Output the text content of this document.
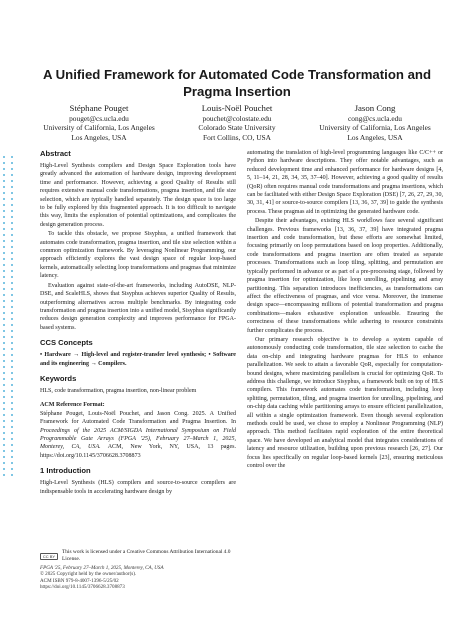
A Unified Framework for Automated Code Transformation and Pragma Insertion
Stéphane Pouget
pouget@cs.ucla.edu
University of California, Los Angeles
Los Angeles, USA
Louis-Noël Pouchet
pouchet@colostate.edu
Colorado State University
Fort Collins, CO, USA
Jason Cong
cong@cs.ucla.edu
University of California, Los Angeles
Los Angeles, USA
Abstract

High-Level Synthesis compilers and Design Space Exploration tools have greatly advanced the automation of hardware design, improving development time and performance. However, achieving a good Quality of Results still requires extensive manual code transformations, pragma insertion, and tile size selection, which are typically handled separately. The design space is too large to be fully explored by this fragmented approach. It is too difficult to navigate this way, limits the exploration of potential optimizations, and complicates the design generation process.

To tackle this obstacle, we propose Sisyphus, a unified framework that automates code transformation, pragma insertion, and tile size selection within a common optimization framework. By leveraging Nonlinear Programming, our approach efficiently explores the vast design space of regular loop-based kernels, automatically selecting loop transformations and pragmas that minimize latency.

Evaluation against state-of-the-art frameworks, including AutoDSE, NLP-DSE, and ScaleHLS, shows that Sisyphus achieves superior Quality of Results, outperforming alternatives across multiple benchmarks. By integrating code transformation and pragma insertion into a unified model, Sisyphus significantly reduces design generation complexity and improves performance for FPGA-based systems.

CCS Concepts

• Hardware → High-level and register-transfer level synthesis; • Software and its engineering → Compilers.

Keywords

HLS, code transformation, pragma insertion, non-linear problem

ACM Reference Format:

Stéphane Pouget, Louis-Noël Pouchet, and Jason Cong. 2025. A Unified Framework for Automated Code Transformation and Pragma Insertion. In Proceedings of the 2025 ACM/SIGDA International Symposium on Field Programmable Gate Arrays (FPGA '25), February 27–March 1, 2025, Monterey, CA, USA. ACM, New York, NY, USA, 13 pages. https://doi.org/10.1145/3706628.3708873

1 Introduction

High-Level Synthesis (HLS) compilers and source-to-source compilers are indispensable tools in accelerating hardware design by

CC BY
This work is licensed under a Creative Commons Attribution International 4.0 License.
FPGA '25, February 27–March 1, 2025, Monterey, CA, USA
© 2025 Copyright held by the owner/author(s).
ACM ISBN 979-8-4007-1396-5/25/02
https://doi.org/10.1145/3706628.3708873

automating the translation of high-level programming languages like C/C++ or Python into hardware descriptions. They offer notable advantages, such as reduced development time and enhanced performance for hardware designs [4, 5, 11–14, 21, 28, 34, 35, 37–40]. However, achieving a good quality of results (QoR) often requires manual code transformations and pragma insertions, which can be facilitated with either Design Space Exploration (DSE) [7, 26, 27, 29, 30, 30, 31, 41] or source-to-source compilers [13, 36, 37, 39] to guide the synthesis process. These pragmas aid in optimizing the generated hardware code.

Despite their advantages, existing HLS workflows face several significant challenges. Previous frameworks [13, 36, 37, 39] have integrated pragma insertion and code transformation, but these efforts are somewhat limited, focusing primarily on loop permutations based on loop properties. Additionally, code transformations and pragma insertion are often treated as separate processes. Transformations such as loop tiling, splitting, and permutation are typically performed in advance or as part of a pre-processing stage, followed by pragma insertion for optimization, like loop unrolling, pipelining and array partitioning. This separation introduces inefficiencies, as transformations can affect the effectiveness of pragmas, and vice versa. Moreover, the immense design space—encompassing millions of potential transformation and pragma combinations—makes exhaustive exploration unfeasible. Ensuring the correctness of these transformations while adhering to resource constraints further complicates the process.

Our primary research objective is to develop a system capable of autonomously conducting code transformation, tile size selection to cache the data on-chip and integrating hardware pragmas for HLS to enhance parallelization. We seek to attain a favorable QoR, especially for computation-bound designs, where maximizing parallelism is crucial for optimizing QoR. To address this challenge, we introduce Sisyphus, a framework built on top of HLS compilers. This framework automates code transformation, including loop splitting, permutation, tiling, and pragma insertion for unrolling, pipelining, and on-chip data caching while partitioning arrays to ensure efficient parallelization, all within a single optimization framework. Even though several exploration methods could be used, we chose to employ a Nonlinear Programming (NLP) approach. This method facilitates rapid exploration of the entire theoretical space. We have developed an analytical model that integrates considerations of latency and resource utilization, building upon previous research [26, 27]. Our focus lies specifically on regular loop-based kernels [23], ensuring meticulous control over the
